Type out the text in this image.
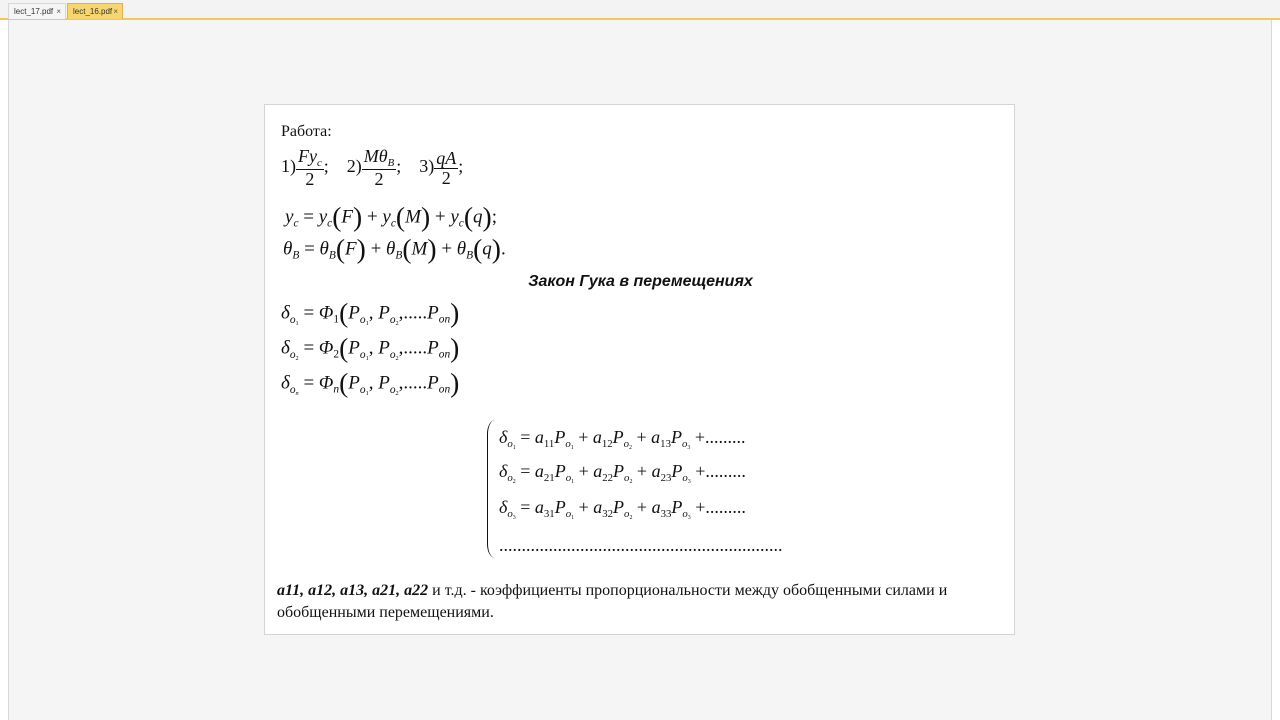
lect_17.pdf ×	lect_16.pdf ×
Работа:
$1) \frac{Fy_c}{2}$ ;    $2) \frac{M\theta_B}{2}$ ;    $3) \frac{qA}{2}$ ;
$y_c = y_c(F) + y_c(M) + y_c(q)$;
$\theta_B = \theta_B(F) + \theta_B(M) + \theta_B(q)$.
Закон Гука в перемещениях
$\delta_{o1} = \Phi_1(P_{o1}$, $P_{o2},.....P_{on}$)
$\delta_{o2} = \Phi_2(P_{o1}$, $P_{o2},.....P_{on}$)
$\delta_{on} = \Phi_n(P_{o1}$, $P_{o2},.....P_{on}$)
$\delta_{o1} = a_{11}P_{o1} + a_{12}P_{o2} + a_{13}P_{o3}$ +.........
$\delta_{o2} = a_{21}P_{o1} + a_{22}P_{o2} + a_{23}P_{o3}$ +.........
$\delta_{o3} = a_{31}P_{o1} + a_{32}P_{o2} + a_{33}P_{o3}$ +.........
...............................................................
a11, a12, a13, a21, a22 и т.д. - коэффициенты пропорциональности между обобщенными силами и обобщенными перемещениями.
